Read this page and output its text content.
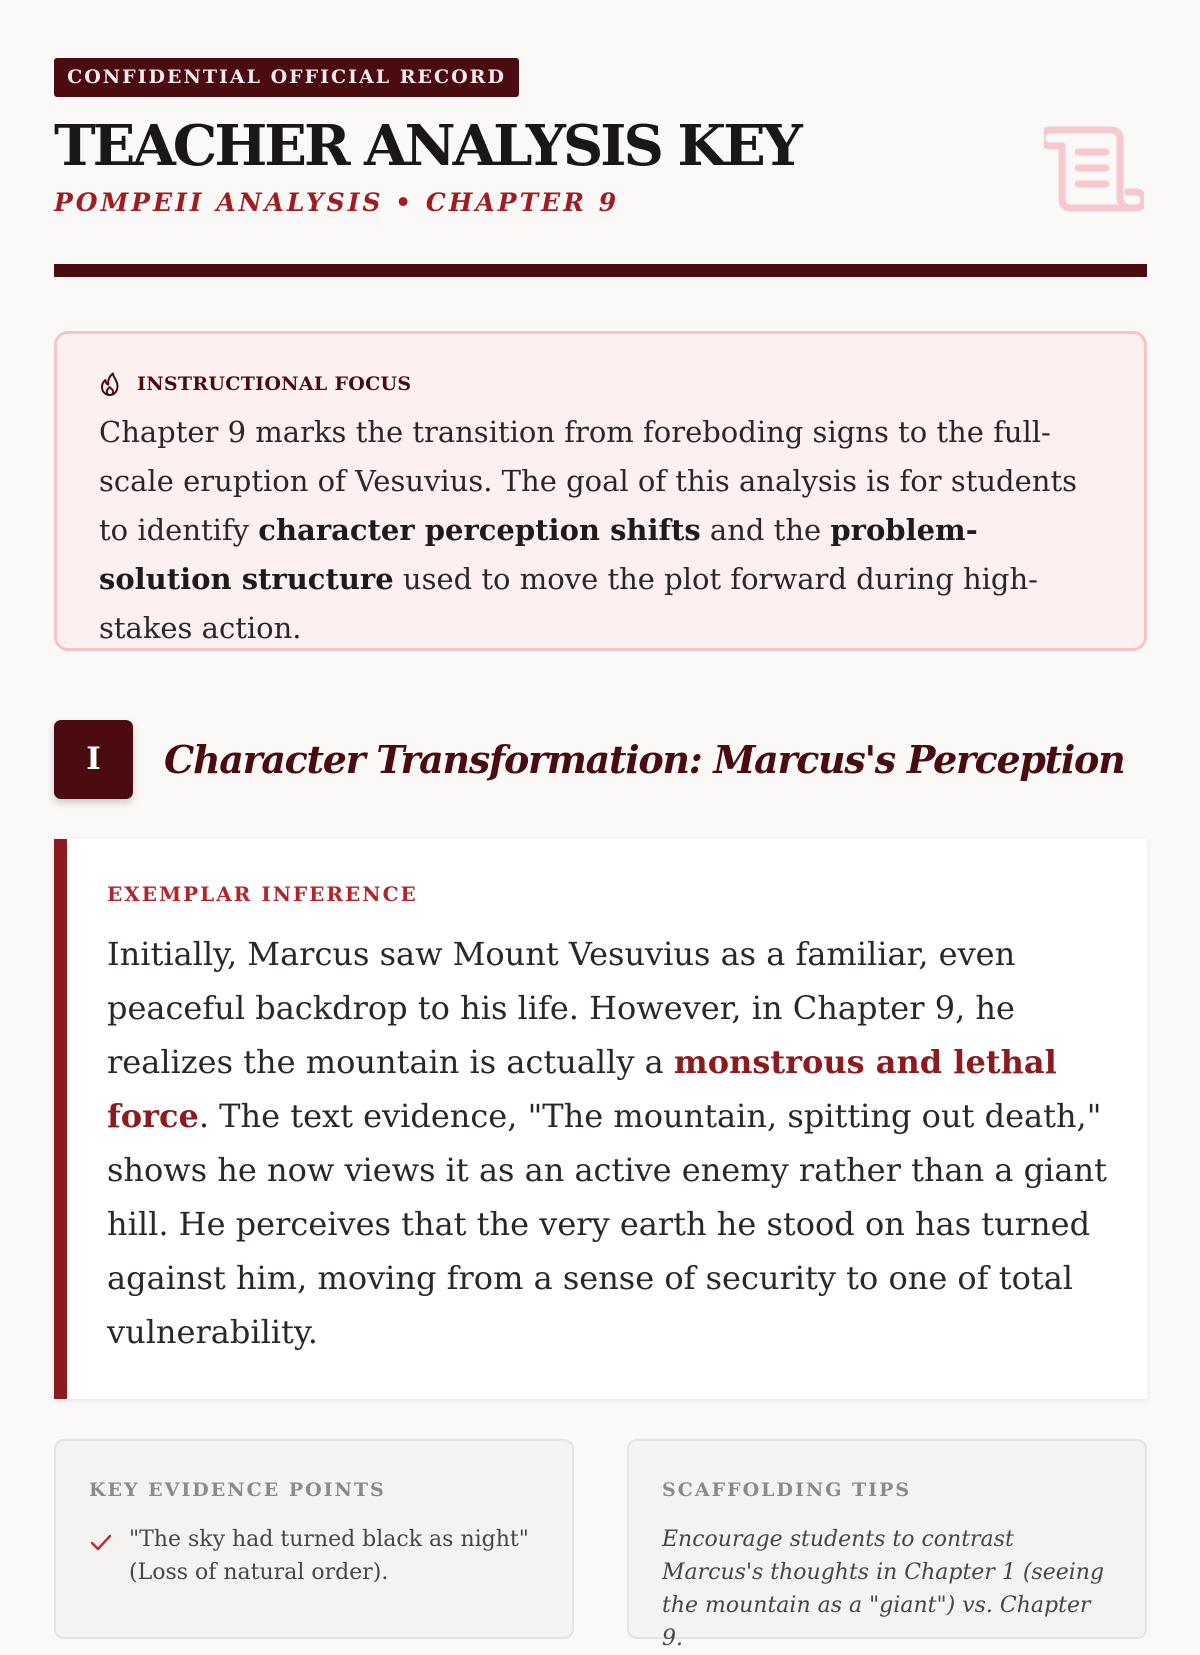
CONFIDENTIAL OFFICIAL RECORD
TEACHER ANALYSIS KEY
POMPEII ANALYSIS • CHAPTER 9
INSTRUCTIONAL FOCUS
Chapter 9 marks the transition from foreboding signs to the full-scale eruption of Vesuvius. The goal of this analysis is for students to identify character perception shifts and the problem-solution structure used to move the plot forward during high-stakes action.
I	Character Transformation: Marcus's Perception
EXEMPLAR INFERENCE
Initially, Marcus saw Mount Vesuvius as a familiar, even peaceful backdrop to his life. However, in Chapter 9, he realizes the mountain is actually a monstrous and lethal force. The text evidence, "The mountain, spitting out death," shows he now views it as an active enemy rather than a giant hill. He perceives that the very earth he stood on has turned against him, moving from a sense of security to one of total vulnerability.
KEY EVIDENCE POINTS
"The sky had turned black as night" (Loss of natural order).
SCAFFOLDING TIPS
Encourage students to contrast Marcus's thoughts in Chapter 1 (seeing the mountain as a "giant") vs. Chapter 9.
